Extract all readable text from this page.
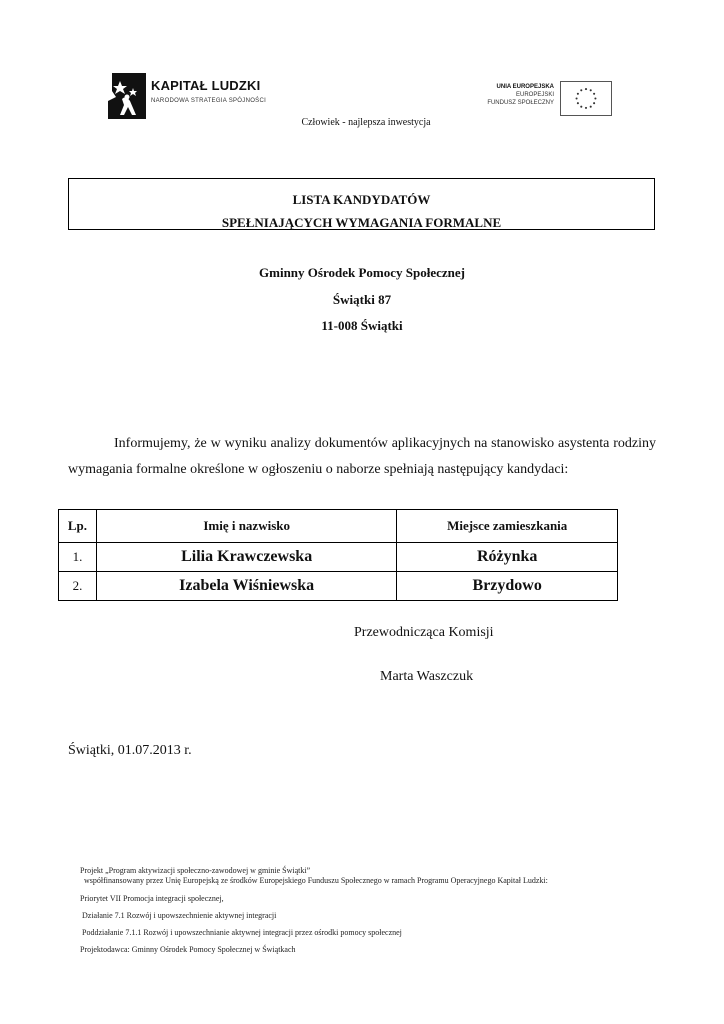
KAPITAŁ LUDZKI
NARODOWA STRATEGIA SPÓJNOŚCI
UNIA EUROPEJSKA
EUROPEJSKI
FUNDUSZ SPOŁECZNY
Człowiek - najlepsza inwestycja
LISTA KANDYDATÓW
SPEŁNIAJĄCYCH WYMAGANIA FORMALNE
Gminny Ośrodek Pomocy Społecznej
Świątki 87
11-008 Świątki
Informujemy, że w wyniku analizy dokumentów aplikacyjnych na stanowisko asystenta rodziny wymagania formalne określone w ogłoszeniu o naborze spełniają następujący kandydaci:
Lp.	Imię i nazwisko	Miejsce zamieszkania
1.	Lilia Krawczewska	Różynka
2.	Izabela Wiśniewska	Brzydowo
Przewodnicząca Komisji
Marta Waszczuk
Świątki, 01.07.2013 r.
Projekt „Program aktywizacji społeczno-zawodowej w gminie Świątki”
współfinansowany przez Unię Europejską ze środków Europejskiego Funduszu Społecznego w ramach Programu Operacyjnego Kapitał Ludzki:
Priorytet VII Promocja integracji społecznej,
Działanie 7.1 Rozwój i upowszechnienie aktywnej integracji
Poddziałanie 7.1.1 Rozwój i upowszechnianie aktywnej integracji przez ośrodki pomocy społecznej
Projektodawca: Gminny Ośrodek Pomocy Społecznej w Świątkach
